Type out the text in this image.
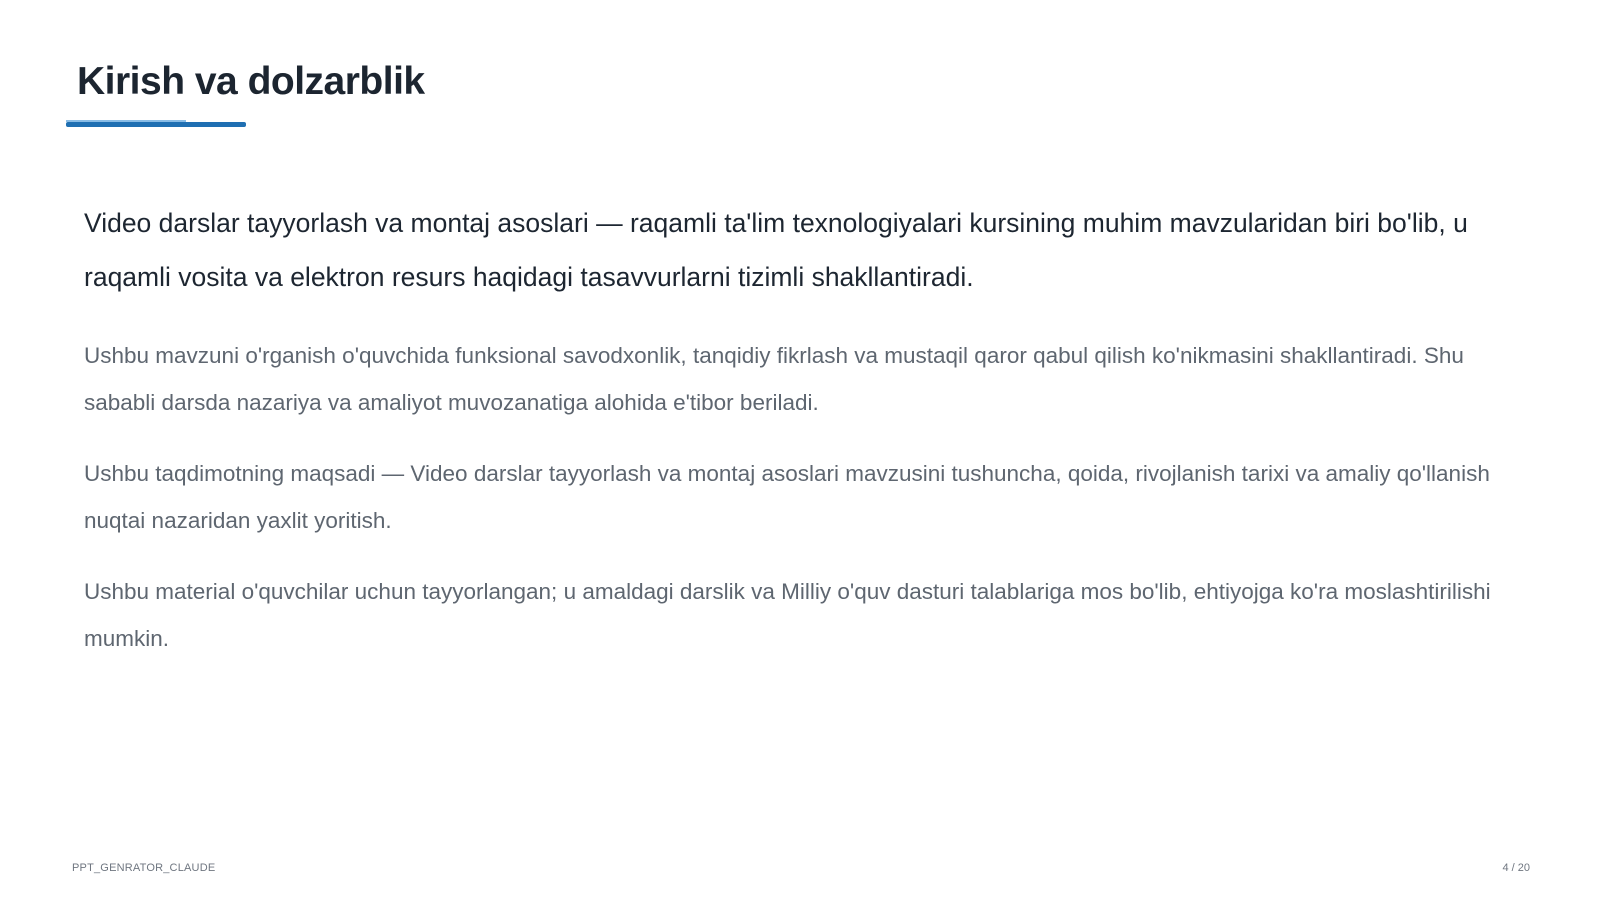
Kirish va dolzarblik

Video darslar tayyorlash va montaj asoslari — raqamli ta'lim texnologiyalari kursining muhim mavzularidan biri bo'lib, u raqamli vosita va elektron resurs haqidagi tasavvurlarni tizimli shakllantiradi.

Ushbu mavzuni o'rganish o'quvchida funksional savodxonlik, tanqidiy fikrlash va mustaqil qaror qabul qilish ko'nikmasini shakllantiradi. Shu sababli darsda nazariya va amaliyot muvozanatiga alohida e'tibor beriladi.

Ushbu taqdimotning maqsadi — Video darslar tayyorlash va montaj asoslari mavzusini tushuncha, qoida, rivojlanish tarixi va amaliy qo'llanish nuqtai nazaridan yaxlit yoritish.

Ushbu material o'quvchilar uchun tayyorlangan; u amaldagi darslik va Milliy o'quv dasturi talablariga mos bo'lib, ehtiyojga ko'ra moslashtirilishi mumkin.

PPT_GENRATOR_CLAUDE	4 / 20
